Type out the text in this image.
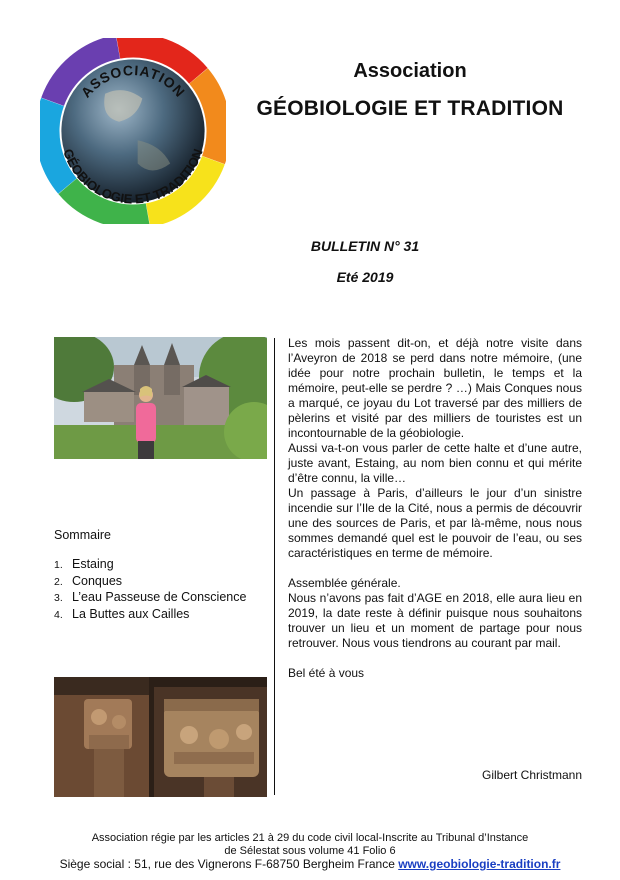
ASSOCIATION
GÉOBIOLOGIE ET TRADITION
Association
GÉOBIOLOGIE ET TRADITION
BULLETIN N° 31
Eté 2019
Sommaire
1. Estaing
2. Conques
3. L’eau Passeuse de Conscience
4. La Buttes aux Cailles

Les mois passent dit-on, et déjà notre visite dans l’Aveyron de 2018 se perd dans notre mémoire, (une idée pour notre prochain bulletin, le temps et la mémoire, peut-elle se perdre ? …) Mais Conques nous a marqué, ce joyau du Lot traversé par des milliers de pèlerins et visité par des milliers de touristes est un incontournable de la géobiologie.

Aussi va-t-on vous parler de cette halte et d’une autre, juste avant, Estaing, au nom bien connu et qui mérite d’être connu, la ville…

Un passage à Paris, d’ailleurs le jour d’un sinistre incendie sur l’Ile de la Cité, nous a permis de découvrir une des sources de Paris, et par là-même, nous nous sommes demandé quel est le pouvoir de l’eau, ou ses caractéristiques en terme de mémoire.

Assemblée générale.

Nous n’avons pas fait d’AGE en 2018, elle aura lieu en 2019, la date reste à définir puisque nous souhaitons trouver un lieu et un moment de partage pour nous retrouver. Nous vous tiendrons au courant par mail.

Bel été à vous

Gilbert Christmann

Association régie par les articles 21 à 29 du code civil local-Inscrite au Tribunal d’Instance

de Sélestat sous volume 41 Folio 6

Siège social : 51, rue des Vignerons F-68750 Bergheim France www.geobiologie-tradition.fr
